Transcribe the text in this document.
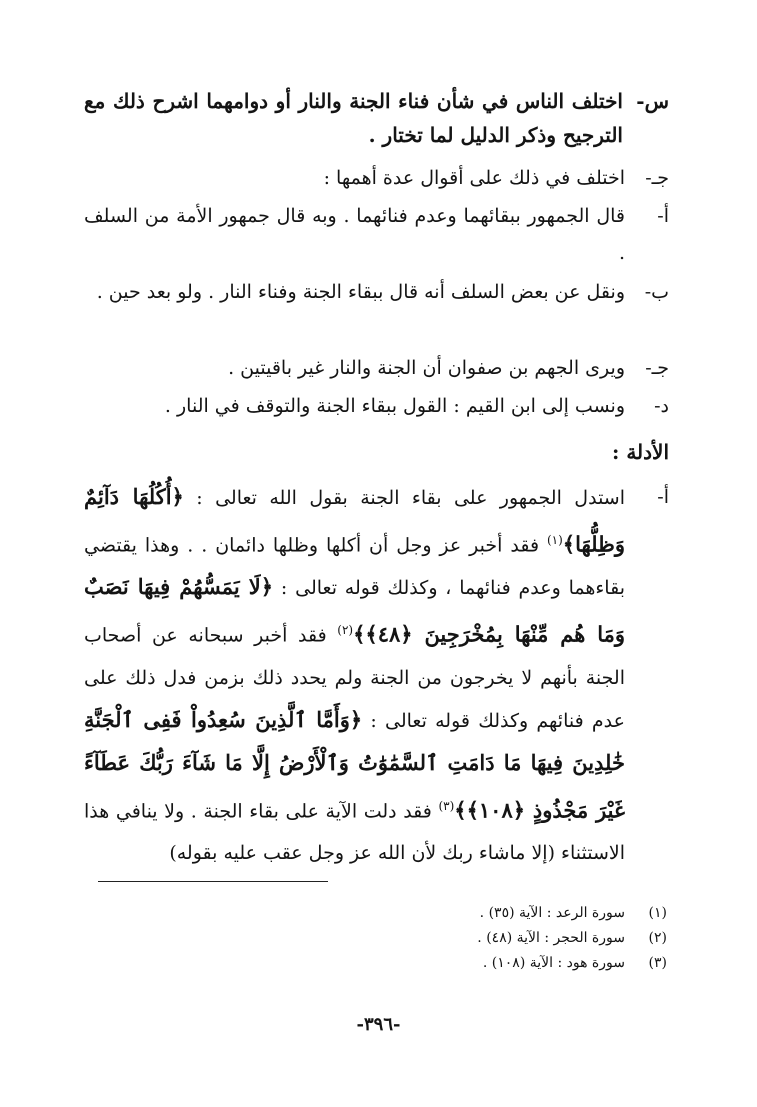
س-
اختلف الناس في شأن فناء الجنة والنار أو دوامهما اشرح ذلك مع الترجيح وذكر الدليل لما تختار .
جـ-
اختلف في ذلك على أقوال عدة أهمها :
أ-
قال الجمهور ببقائهما وعدم فنائهما . وبه قال جمهور الأمة من السلف .
ب-
ونقل عن بعض السلف أنه قال ببقاء الجنة وفناء النار . ولو بعد حين .
جـ-
ويرى الجهم بن صفوان أن الجنة والنار غير باقيتين .
د-
ونسب إلى ابن القيم : القول ببقاء الجنة والتوقف في النار .
الأدلة :
أ-
استدل الجمهور على بقاء الجنة بقول الله تعالى : ﴿أُكُلُهَا دَآئِمٌ وَظِلُّهَا﴾$^{(١)}$ فقد أخبر عز وجل أن أكلها وظلها دائمان . . وهذا يقتضي بقاءهما وعدم فنائهما ، وكذلك قوله تعالى : ﴿لَا يَمَسُّهُمْ فِيهَا نَصَبٌ وَمَا هُم مِّنْهَا بِمُخْرَجِينَ ﴿٤٨﴾﴾$^{(٢)}$ فقد أخبر سبحانه عن أصحاب الجنة بأنهم لا يخرجون من الجنة ولم يحدد ذلك بزمن فدل ذلك على عدم فنائهم وكذلك قوله تعالى : ﴿وَأَمَّا ٱلَّذِينَ سُعِدُواْ فَفِى ٱلْجَنَّةِ خَٰلِدِينَ فِيهَا مَا دَامَتِ ٱلسَّمَٰوَٰتُ وَٱلْأَرْضُ إِلَّا مَا شَآءَ رَبُّكَ عَطَآءً غَيْرَ مَجْذُوذٍ ﴿١٠٨﴾﴾$^{(٣)}$ فقد دلت الآية على بقاء الجنة . ولا ينافي هذا الاستثناء (إلا ماشاء ربك لأن الله عز وجل عقب عليه بقوله)
(١)سورة الرعد : الآية (٣٥) .
(٢)سورة الحجر : الآية (٤٨) .
(٣)سورة هود : الآية (١٠٨) .
-٣٩٦-
